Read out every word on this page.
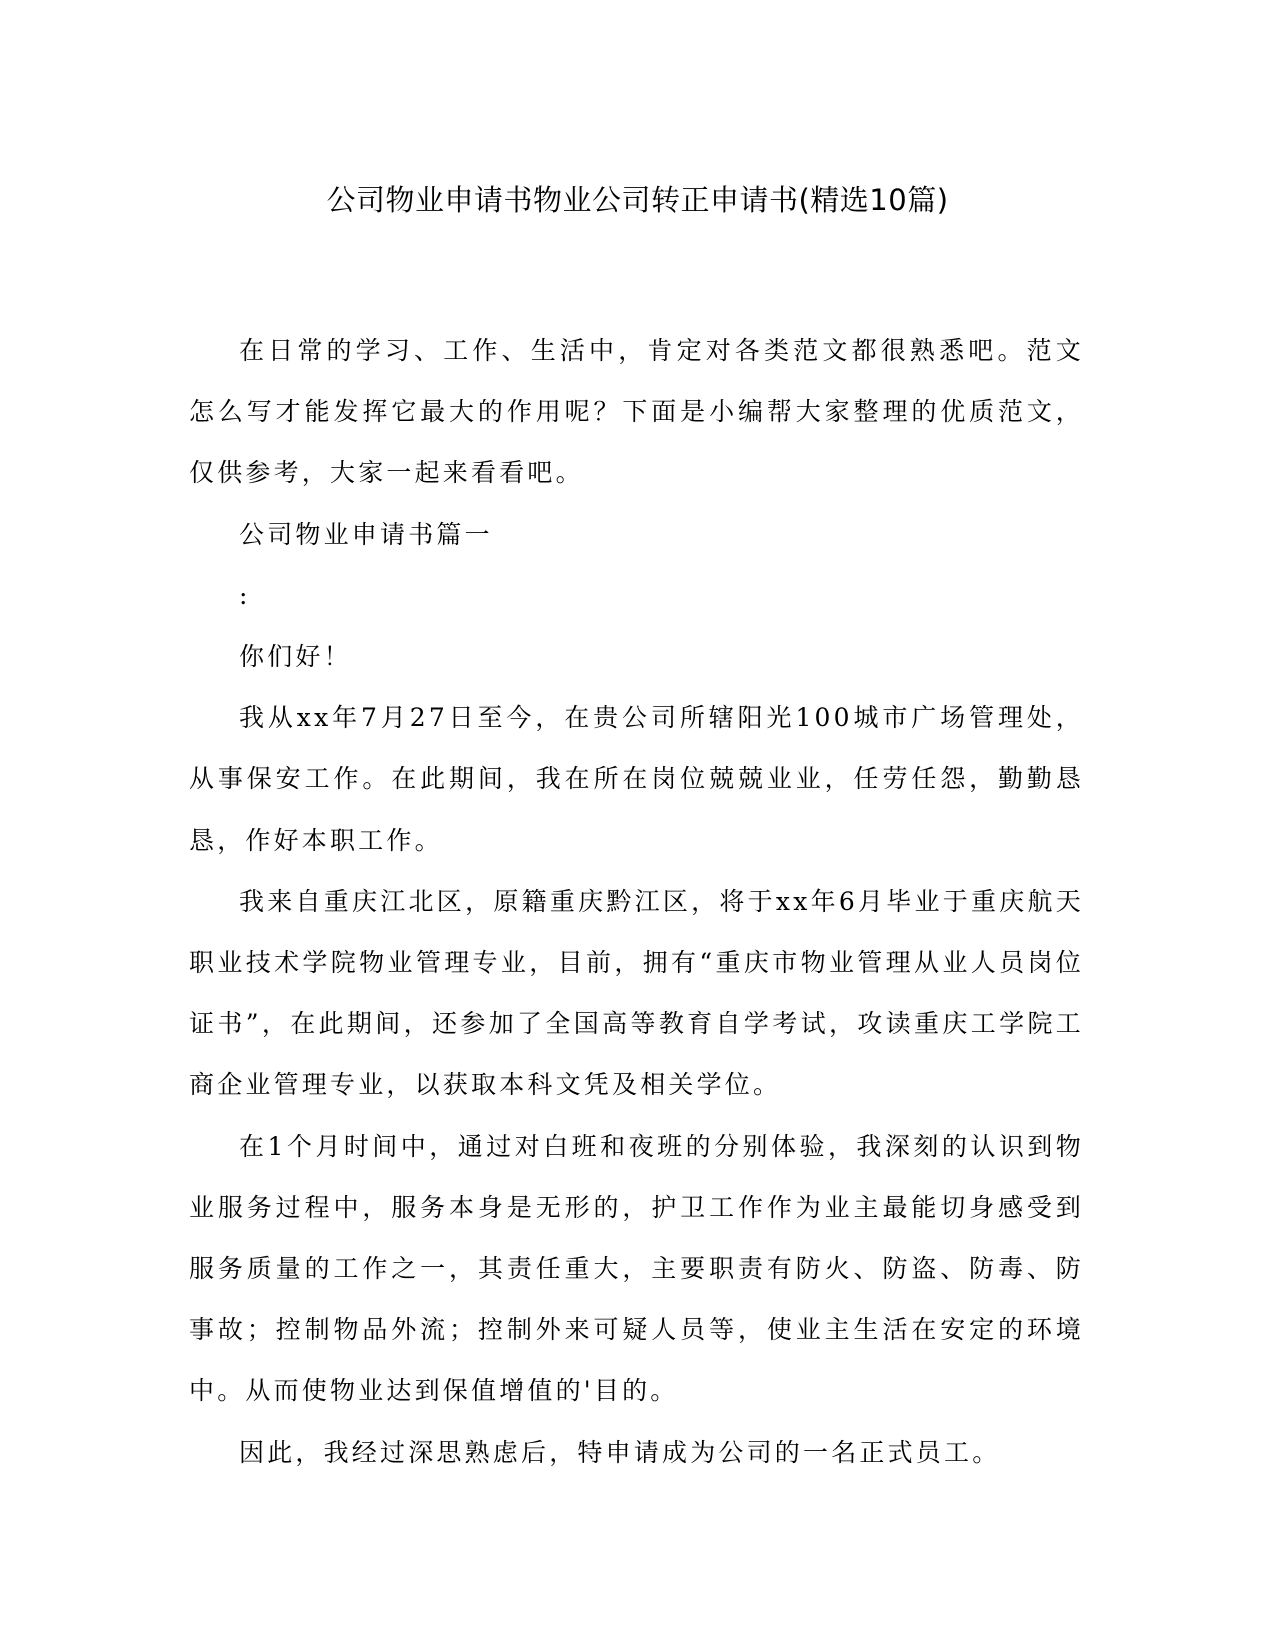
公司物业申请书物业公司转正申请书(精选10篇)

在日常的学习、工作、生活中，肯定对各类范文都很熟悉吧。范文怎么写才能发挥它最大的作用呢？下面是小编帮大家整理的优质范文，仅供参考，大家一起来看看吧。

公司物业申请书篇一

:

你们好！

我从xx年7月27日至今，在贵公司所辖阳光100城市广场管理处，从事保安工作。在此期间，我在所在岗位兢兢业业，任劳任怨，勤勤恳恳，作好本职工作。

我来自重庆江北区，原籍重庆黔江区，将于xx年6月毕业于重庆航天职业技术学院物业管理专业，目前，拥有“重庆市物业管理从业人员岗位证书”，在此期间，还参加了全国高等教育自学考试，攻读重庆工学院工商企业管理专业，以获取本科文凭及相关学位。

在1个月时间中，通过对白班和夜班的分别体验，我深刻的认识到物业服务过程中，服务本身是无形的，护卫工作作为业主最能切身感受到服务质量的工作之一，其责任重大，主要职责有防火、防盗、防毒、防事故；控制物品外流；控制外来可疑人员等，使业主生活在安定的环境中。从而使物业达到保值增值的'目的。

因此，我经过深思熟虑后，特申请成为公司的一名正式员工。
